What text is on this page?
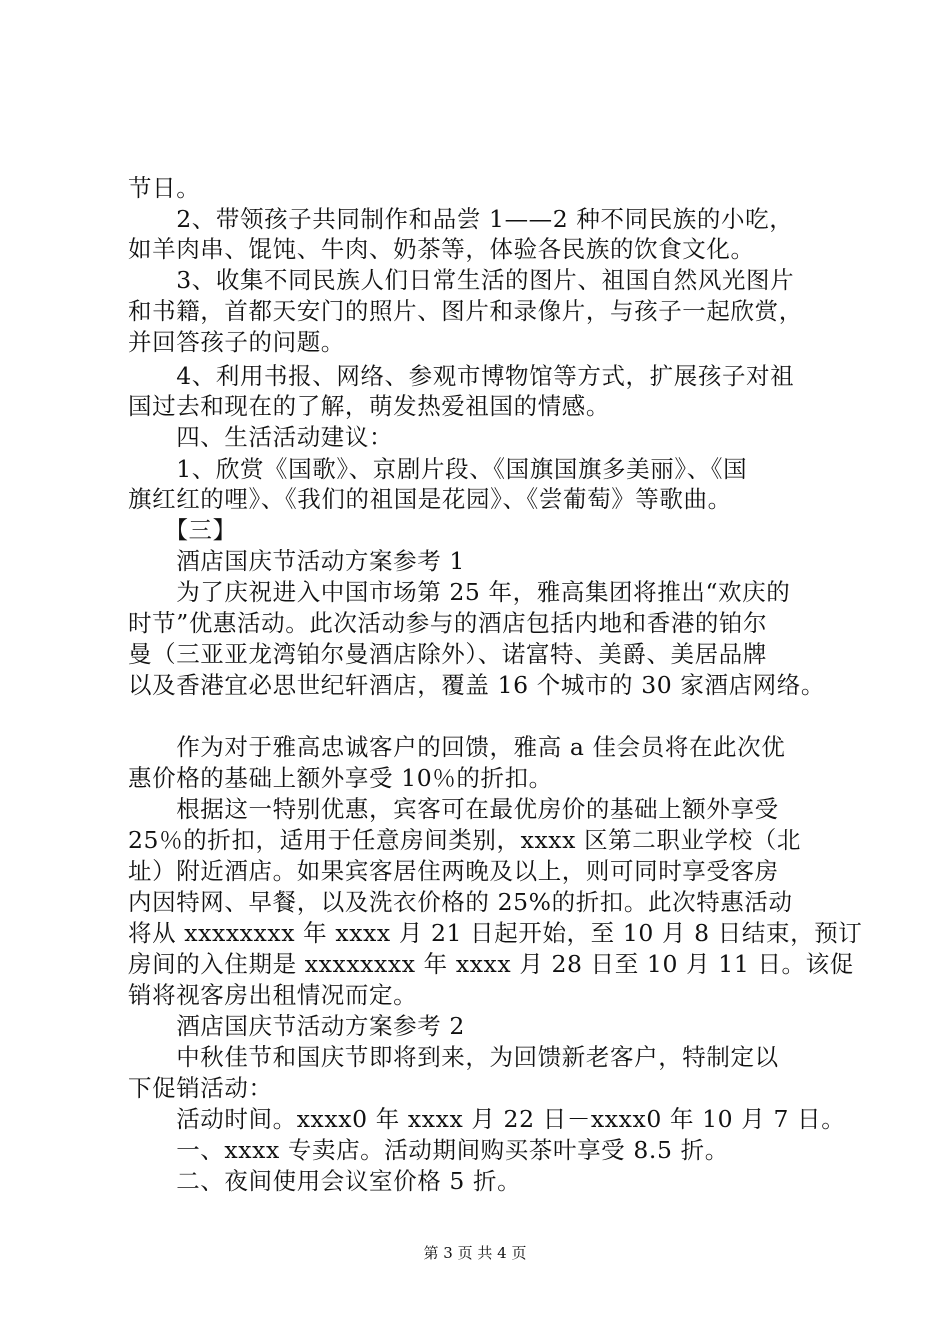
节日。
　　2、带领孩子共同制作和品尝 1——2 种不同民族的小吃，
如羊肉串、馄饨、牛肉、奶茶等，体验各民族的饮食文化。
　　3、收集不同民族人们日常生活的图片、祖国自然风光图片
和书籍，首都天安门的照片、图片和录像片，与孩子一起欣赏，
并回答孩子的问题。
　　4、利用书报、网络、参观市博物馆等方式，扩展孩子对祖
国过去和现在的了解，萌发热爱祖国的情感。
　　四、生活活动建议：
　　1、欣赏《国歌》、京剧片段、《国旗国旗多美丽》、《国
旗红红的哩》、《我们的祖国是花园》、《尝葡萄》等歌曲。
　　【三】
　　酒店国庆节活动方案参考 1
　　为了庆祝进入中国市场第 25 年，雅高集团将推出“欢庆的
时节”优惠活动。此次活动参与的酒店包括内地和香港的铂尔
曼（三亚亚龙湾铂尔曼酒店除外）、诺富特、美爵、美居品牌
以及香港宜必思世纪轩酒店，覆盖 16 个城市的 30 家酒店网络。
　　作为对于雅高忠诚客户的回馈，雅高 a 佳会员将在此次优
惠价格的基础上额外享受 10％的折扣。
　　根据这一特别优惠，宾客可在最优房价的基础上额外享受
25％的折扣，适用于任意房间类别，xxxx 区第二职业学校（北
址）附近酒店。如果宾客居住两晚及以上，则可同时享受客房
内因特网、早餐，以及洗衣价格的 25%的折扣。此次特惠活动
将从 xxxxxxxx 年 xxxx 月 21 日起开始，至 10 月 8 日结束，预订
房间的入住期是 xxxxxxxx 年 xxxx 月 28 日至 10 月 11 日。该促
销将视客房出租情况而定。
　　酒店国庆节活动方案参考 2
　　中秋佳节和国庆节即将到来，为回馈新老客户，特制定以
下促销活动：
　　活动时间。xxxx0 年 xxxx 月 22 日－xxxx0 年 10 月 7 日。
　　一、xxxx 专卖店。活动期间购买茶叶享受 8.5 折。
　　二、夜间使用会议室价格 5 折。
第 3 页 共 4 页
